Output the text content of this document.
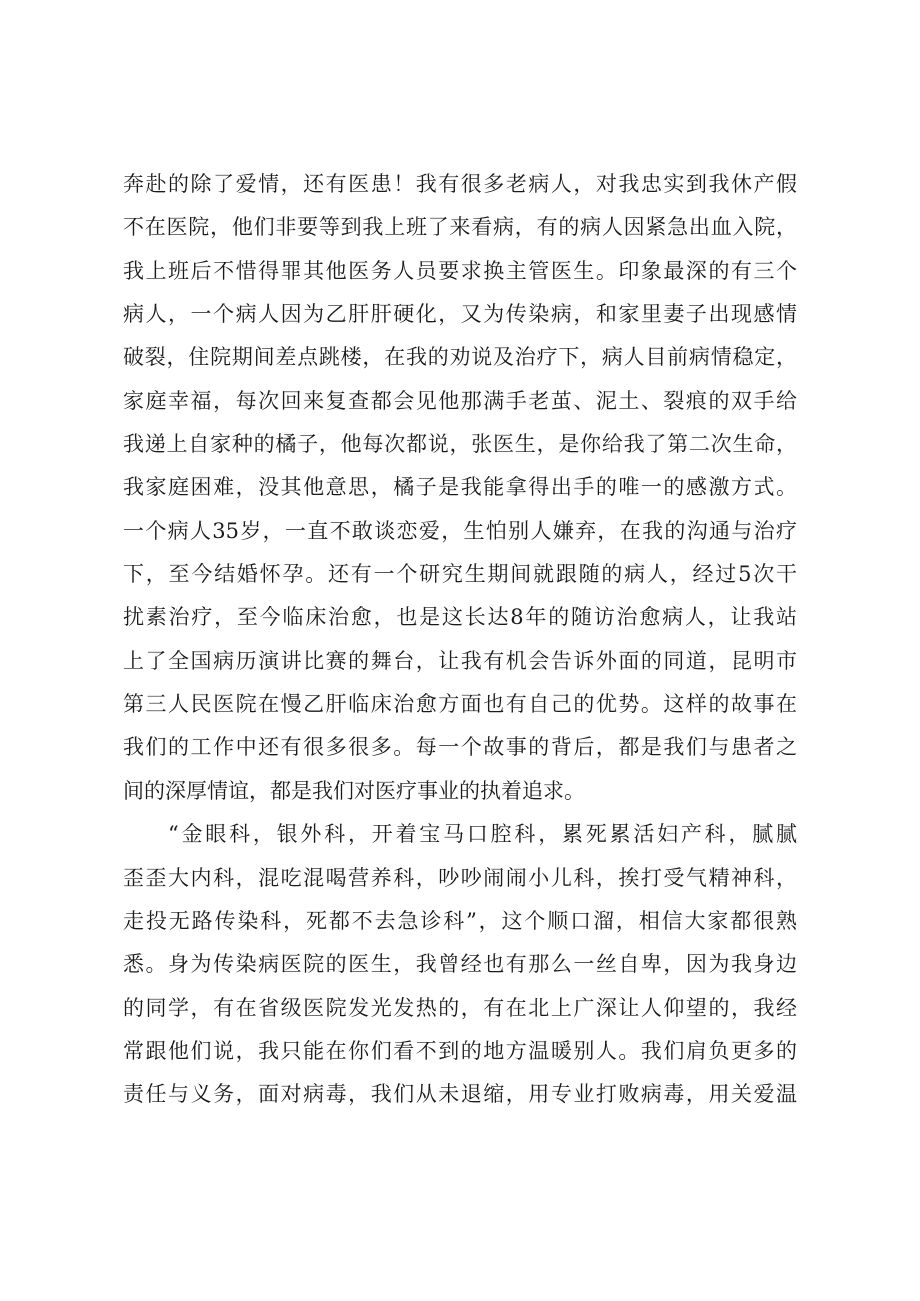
奔赴的除了爱情，还有医患！我有很多老病人，对我忠实到我休产假
不在医院，他们非要等到我上班了来看病，有的病人因紧急出血入院，
我上班后不惜得罪其他医务人员要求换主管医生。印象最深的有三个
病人，一个病人因为乙肝肝硬化，又为传染病，和家里妻子出现感情
破裂，住院期间差点跳楼，在我的劝说及治疗下，病人目前病情稳定，
家庭幸福，每次回来复查都会见他那满手老茧、泥土、裂痕的双手给
我递上自家种的橘子，他每次都说，张医生，是你给我了第二次生命，
我家庭困难，没其他意思，橘子是我能拿得出手的唯一的感激方式。
一个病人35岁，一直不敢谈恋爱，生怕别人嫌弃，在我的沟通与治疗
下，至今结婚怀孕。还有一个研究生期间就跟随的病人，经过5次干
扰素治疗，至今临床治愈，也是这长达8年的随访治愈病人，让我站
上了全国病历演讲比赛的舞台，让我有机会告诉外面的同道，昆明市
第三人民医院在慢乙肝临床治愈方面也有自己的优势。这样的故事在
我们的工作中还有很多很多。每一个故事的背后，都是我们与患者之
间的深厚情谊，都是我们对医疗事业的执着追求。
“金眼科，银外科，开着宝马口腔科，累死累活妇产科，腻腻
歪歪大内科，混吃混喝营养科，吵吵闹闹小儿科，挨打受气精神科，
走投无路传染科，死都不去急诊科”，这个顺口溜，相信大家都很熟
悉。身为传染病医院的医生，我曾经也有那么一丝自卑，因为我身边
的同学，有在省级医院发光发热的，有在北上广深让人仰望的，我经
常跟他们说，我只能在你们看不到的地方温暖别人。我们肩负更多的
责任与义务，面对病毒，我们从未退缩，用专业打败病毒，用关爱温
